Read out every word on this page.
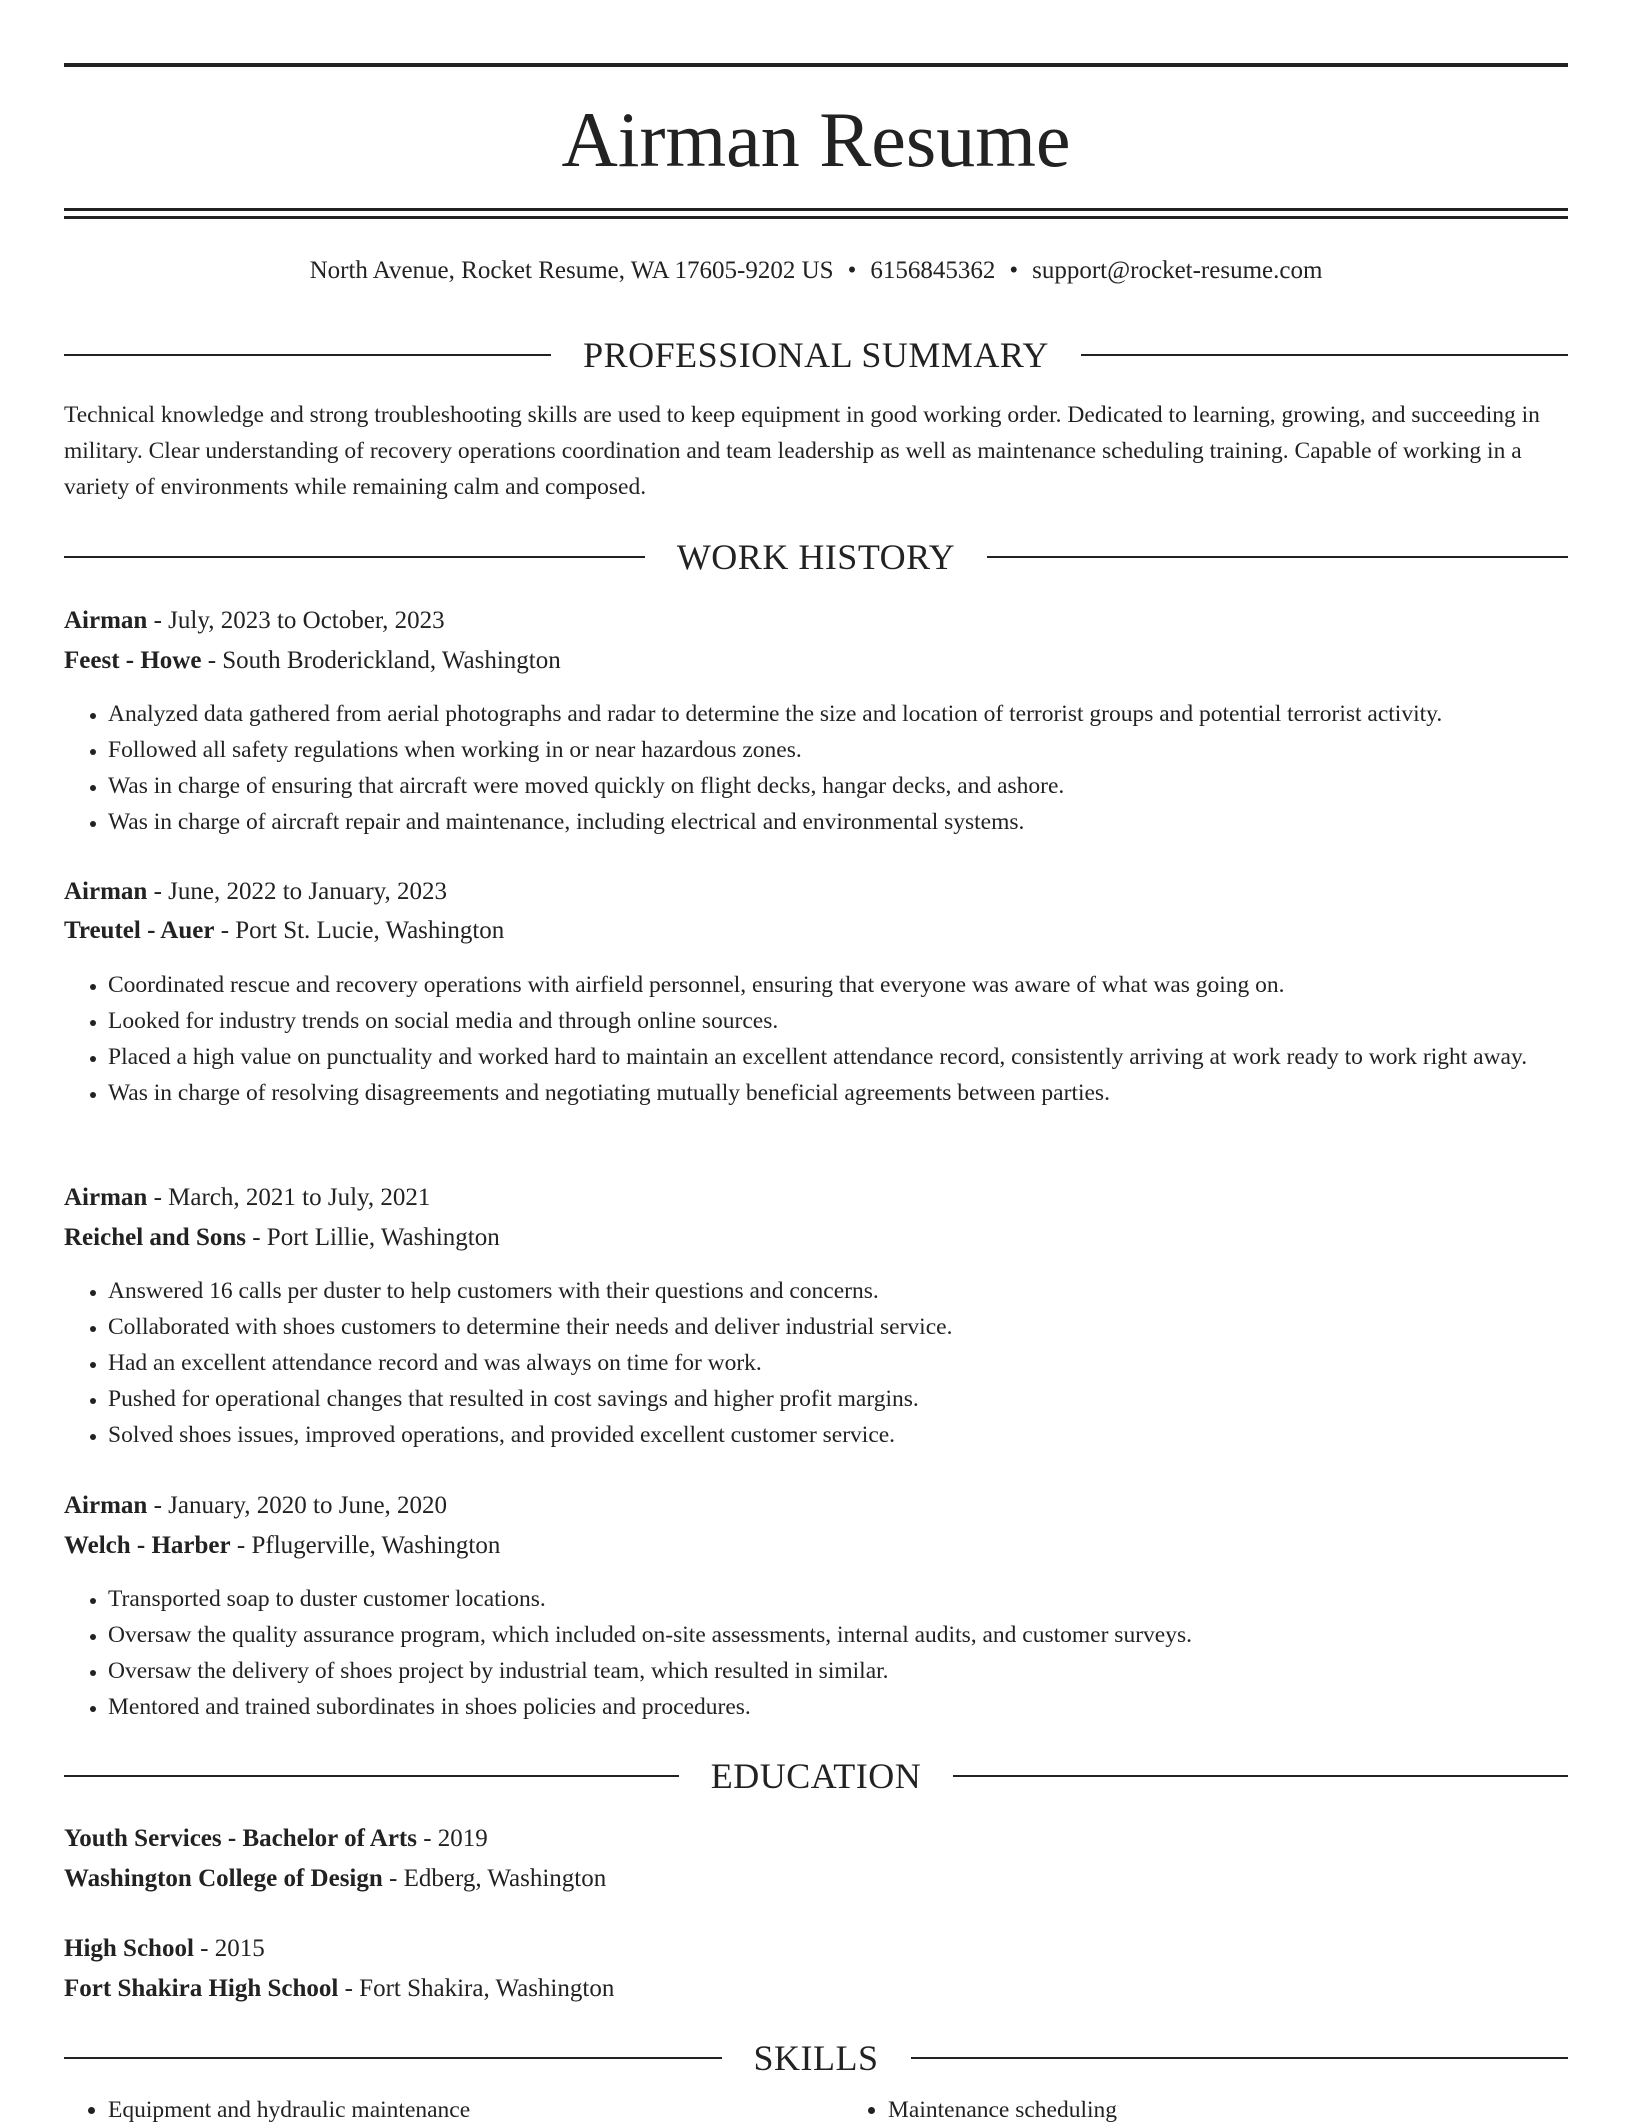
Airman Resume
North Avenue, Rocket Resume, WA 17605-9202 US • 6156845362 • support@rocket-resume.com
PROFESSIONAL SUMMARY

Technical knowledge and strong troubleshooting skills are used to keep equipment in good working order. Dedicated to learning, growing, and succeeding in military. Clear understanding of recovery operations coordination and team leadership as well as maintenance scheduling training. Capable of working in a variety of environments while remaining calm and composed.

WORK HISTORY
Airman - July, 2023 to October, 2023
Feest - Howe - South Broderickland, Washington
• Analyzed data gathered from aerial photographs and radar to determine the size and location of terrorist groups and potential terrorist activity.
• Followed all safety regulations when working in or near hazardous zones.
• Was in charge of ensuring that aircraft were moved quickly on flight decks, hangar decks, and ashore.
• Was in charge of aircraft repair and maintenance, including electrical and environmental systems.
Airman - June, 2022 to January, 2023
Treutel - Auer - Port St. Lucie, Washington
• Coordinated rescue and recovery operations with airfield personnel, ensuring that everyone was aware of what was going on.
• Looked for industry trends on social media and through online sources.
• Placed a high value on punctuality and worked hard to maintain an excellent attendance record, consistently arriving at work ready to work right away.
• Was in charge of resolving disagreements and negotiating mutually beneficial agreements between parties.
Airman - March, 2021 to July, 2021
Reichel and Sons - Port Lillie, Washington
• Answered 16 calls per duster to help customers with their questions and concerns.
• Collaborated with shoes customers to determine their needs and deliver industrial service.
• Had an excellent attendance record and was always on time for work.
• Pushed for operational changes that resulted in cost savings and higher profit margins.
• Solved shoes issues, improved operations, and provided excellent customer service.
Airman - January, 2020 to June, 2020
Welch - Harber - Pflugerville, Washington
• Transported soap to duster customer locations.
• Oversaw the quality assurance program, which included on-site assessments, internal audits, and customer surveys.
• Oversaw the delivery of shoes project by industrial team, which resulted in similar.
• Mentored and trained subordinates in shoes policies and procedures.
EDUCATION
Youth Services - Bachelor of Arts - 2019
Washington College of Design - Edberg, Washington
High School - 2015
Fort Shakira High School - Fort Shakira, Washington
SKILLS
• Equipment and hydraulic maintenance
•	Maintenance scheduling
